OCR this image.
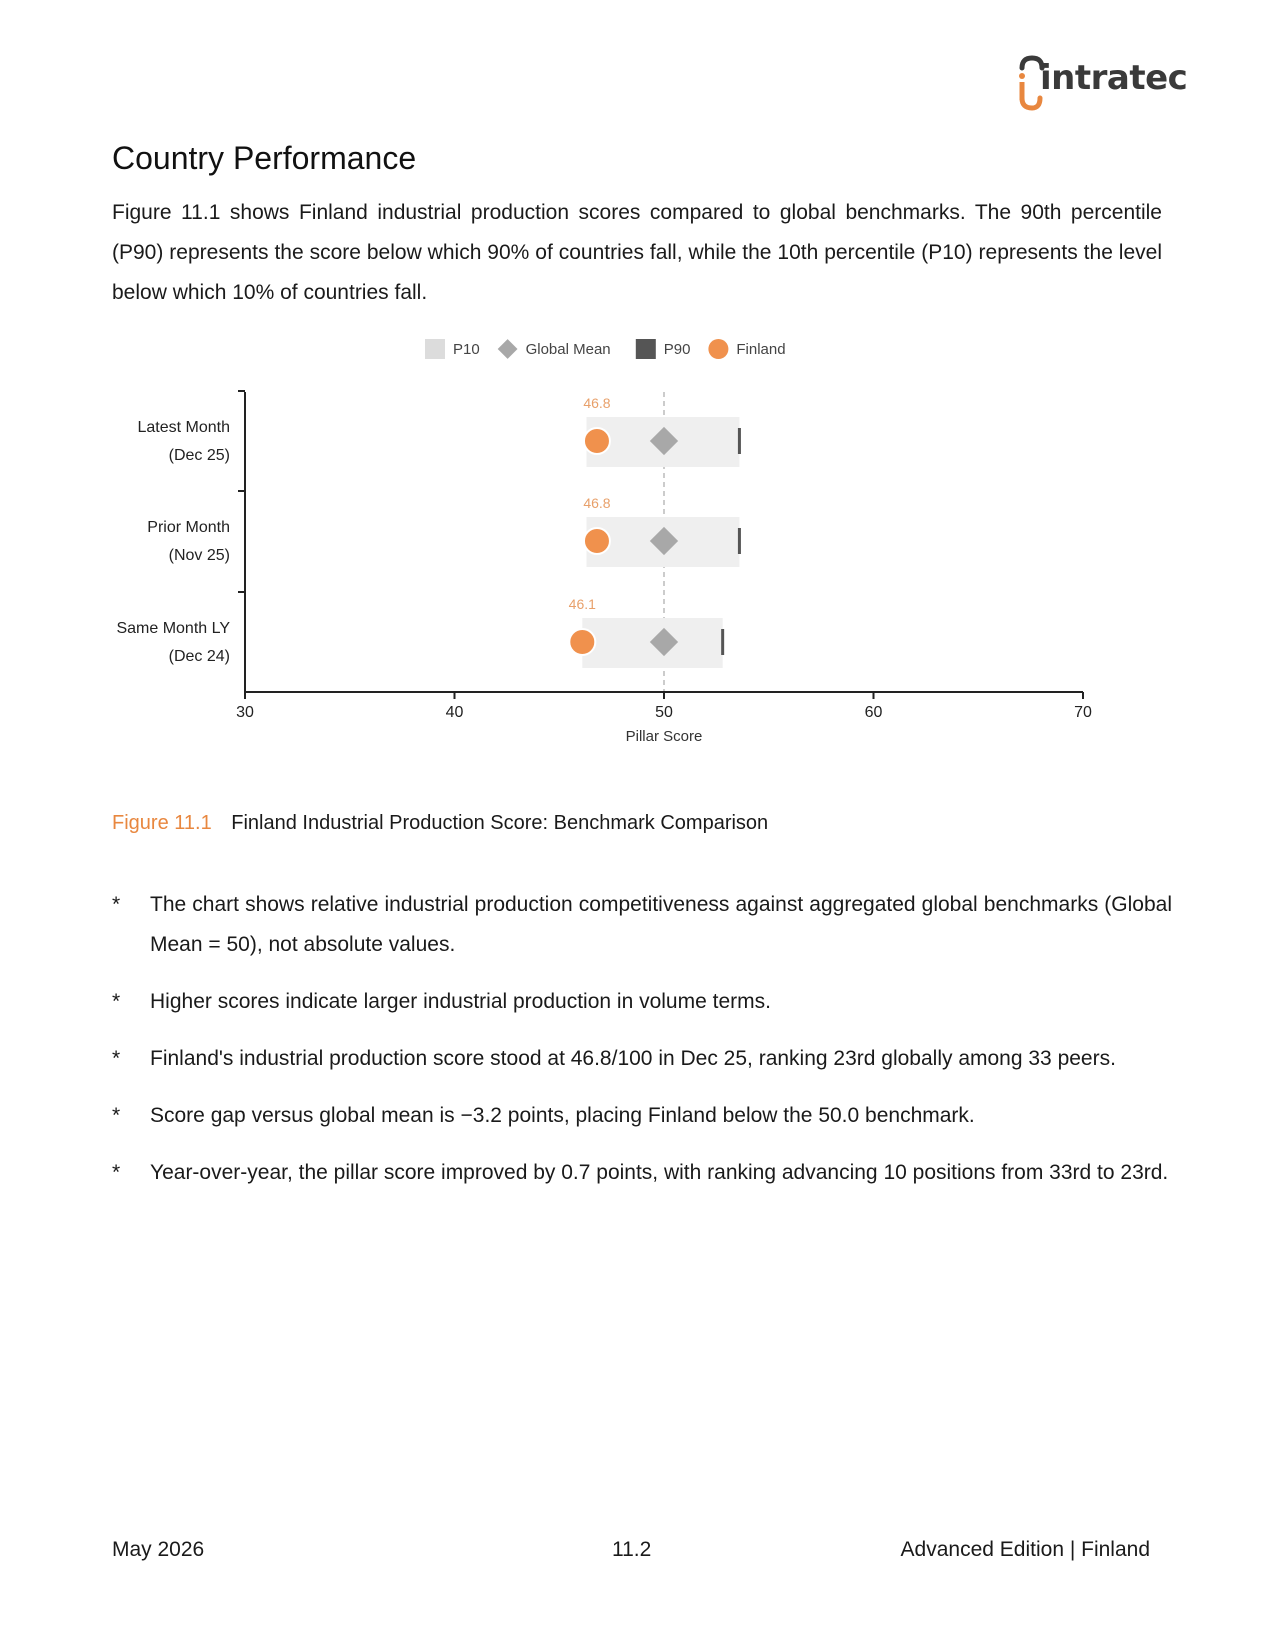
intratec
Country Performance

Figure 11.1 shows Finland industrial production scores compared to global benchmarks. The 90th percentile (P90) represents the score below which 90% of countries fall, while the 10th percentile (P10) represents the level below which 10% of countries fall.

P10	Global Mean	P90	Finland
46.8
46.8
46.1
Latest Month
(Dec 25)
Prior Month
(Nov 25)
Same Month LY
(Dec 24)
30	40	50	60	70
Pillar Score
Figure 11.1 Finland Industrial Production Score: Benchmark Comparison
* The chart shows relative industrial production competitiveness against aggregated global benchmarks (Global Mean = 50), not absolute values.
* Higher scores indicate larger industrial production in volume terms.
* Finland's industrial production score stood at 46.8/100 in Dec 25, ranking 23rd globally among 33 peers.
* Score gap versus global mean is −3.2 points, placing Finland below the 50.0 benchmark.
* Year-over-year, the pillar score improved by 0.7 points, with ranking advancing 10 positions from 33rd to 23rd.
May 2026	11.2	Advanced Edition | Finland
